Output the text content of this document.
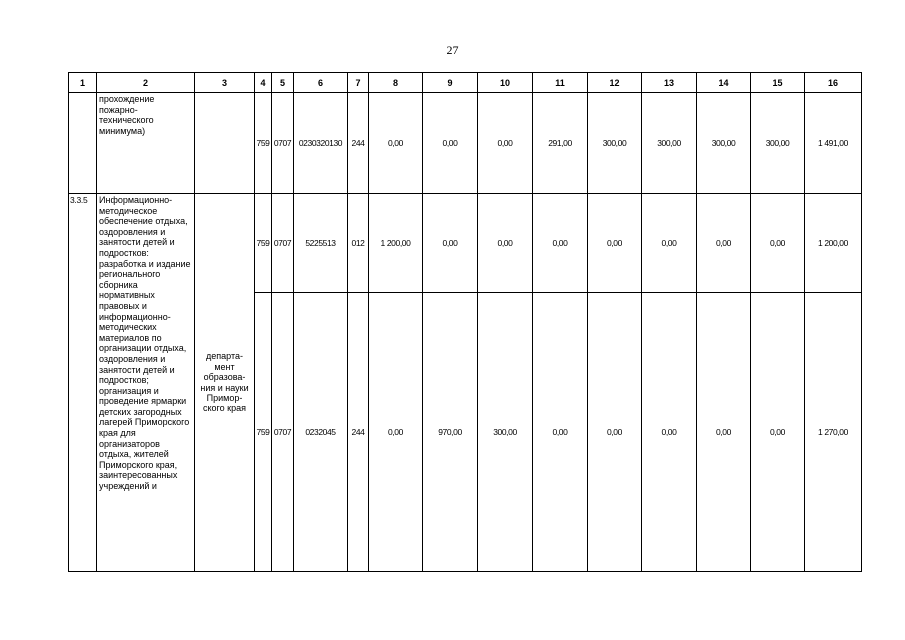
27
1	2	3	4	5	6	7	8	9	10	11	12	13	14	15	16
	прохождение пожарно-технического минимума)		759	0707	0230320130	244	0,00	0,00	0,00	291,00	300,00	300,00	300,00	300,00	1 491,00
3.3.5	Информационно-методическое обеспечение отдыха, оздоровления и занятости детей и подростков: разработка и издание регионального сборника нормативных правовых и информационно-методических материалов по организации отдыха, оздоровления и занятости детей и подростков; организация и проведение ярмарки детских загородных лагерей Приморского края для организаторов отдыха, жителей Приморского края, заинтересованных учреждений и	департа-мент образова-ния и науки Примор-ского края	759	0707	5225513	012	1 200,00	0,00	0,00	0,00	0,00	0,00	0,00	0,00	1 200,00
			759	0707	0232045	244	0,00	970,00	300,00	0,00	0,00	0,00	0,00	0,00	1 270,00
